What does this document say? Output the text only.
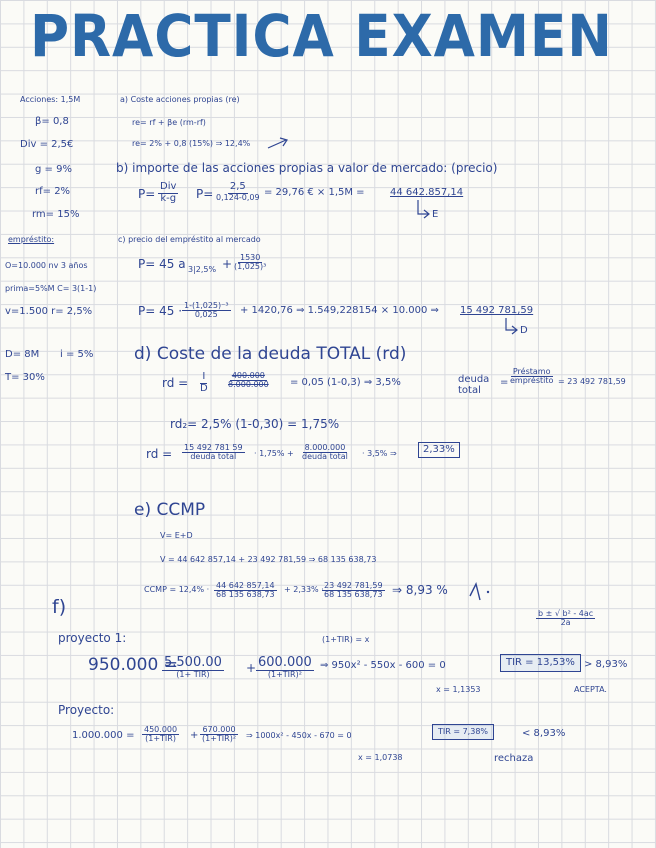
PRACTICA EXAMEN
Acciones: 1,5M
β= 0,8
Div = 2,5€
g = 9%
rf= 2%
rm= 15%
empréstito:
O=10.000 nv 3 años
prima=5%M C= 3(1-1)
v=1.500 r= 2,5%
D= 8M i = 5%
T= 30%
a) Coste acciones propias (re)
re= rf + βe (rm-rf)
re= 2% + 0,8 (15%) ⇒ 12,4%
b) importe de las acciones propias a valor de mercado: (precio)
P=
Div
k-g P=
2,5
0,124-0,09 = 29,76 € × 1,5M =	44 642.857,14
E
c) precio del empréstito al mercado
P= 45 a $3|2,5\% + \frac{1530}{\text{(1,025)³}}$
$P= 45 \cdot \frac{\text{1-(1,025)⁻³}}{0,025} + 1420,76$ ⇒ 1.549,228154 × 10.000 ⇒ 15 492 781,59
D
d) Coste de la deuda TOTAL (rd)
rd = $\frac{I}{D} \frac{400.000}{8.000.000} = 0,05$ (1-0,3) ⇒ 3,5%	deuda total
=
Préstamo
empréstito = 23 492 781,59
rd₂= 2,5% (1-0,30) = 1,75%
rd = 15 492 781 59
deuda total · 1,75% +
8.000.000
deuda total · 3,5% ⇒	2,33%
e) CCMP
V= E+D
V = 44 642 857,14 + 23 492 781,59 ⇒ 68 135 638,73
CCMP = $12,4\% \cdot \frac{44 642 857,14}{68 135 638,73} + 2,33\%$ ·
$\frac{23 492 781,59}{68 135 638,73}$ ⇒ 8,93 %
f)
$\frac{\text{b ± √ b² - 4ac}}{2a}$
proyecto 1:	(1+TIR) = x
950.000 =
5.500.00
(1+ TIR)	+ 600.000
(1+TIR)²
⇒ 950x² - 550x - 600 = 0
x = 1,1353
TIR = 13,53% > 8,93%
ACEPTA.
Proyecto:
1.000.000 =
450.000
(1+TIR) +
670.000
(1+TIR)² ⇒ 1000x² - 450x - 670 = 0
x = 1,0738
TIR = 7,38%	< 8,93%
rechaza
